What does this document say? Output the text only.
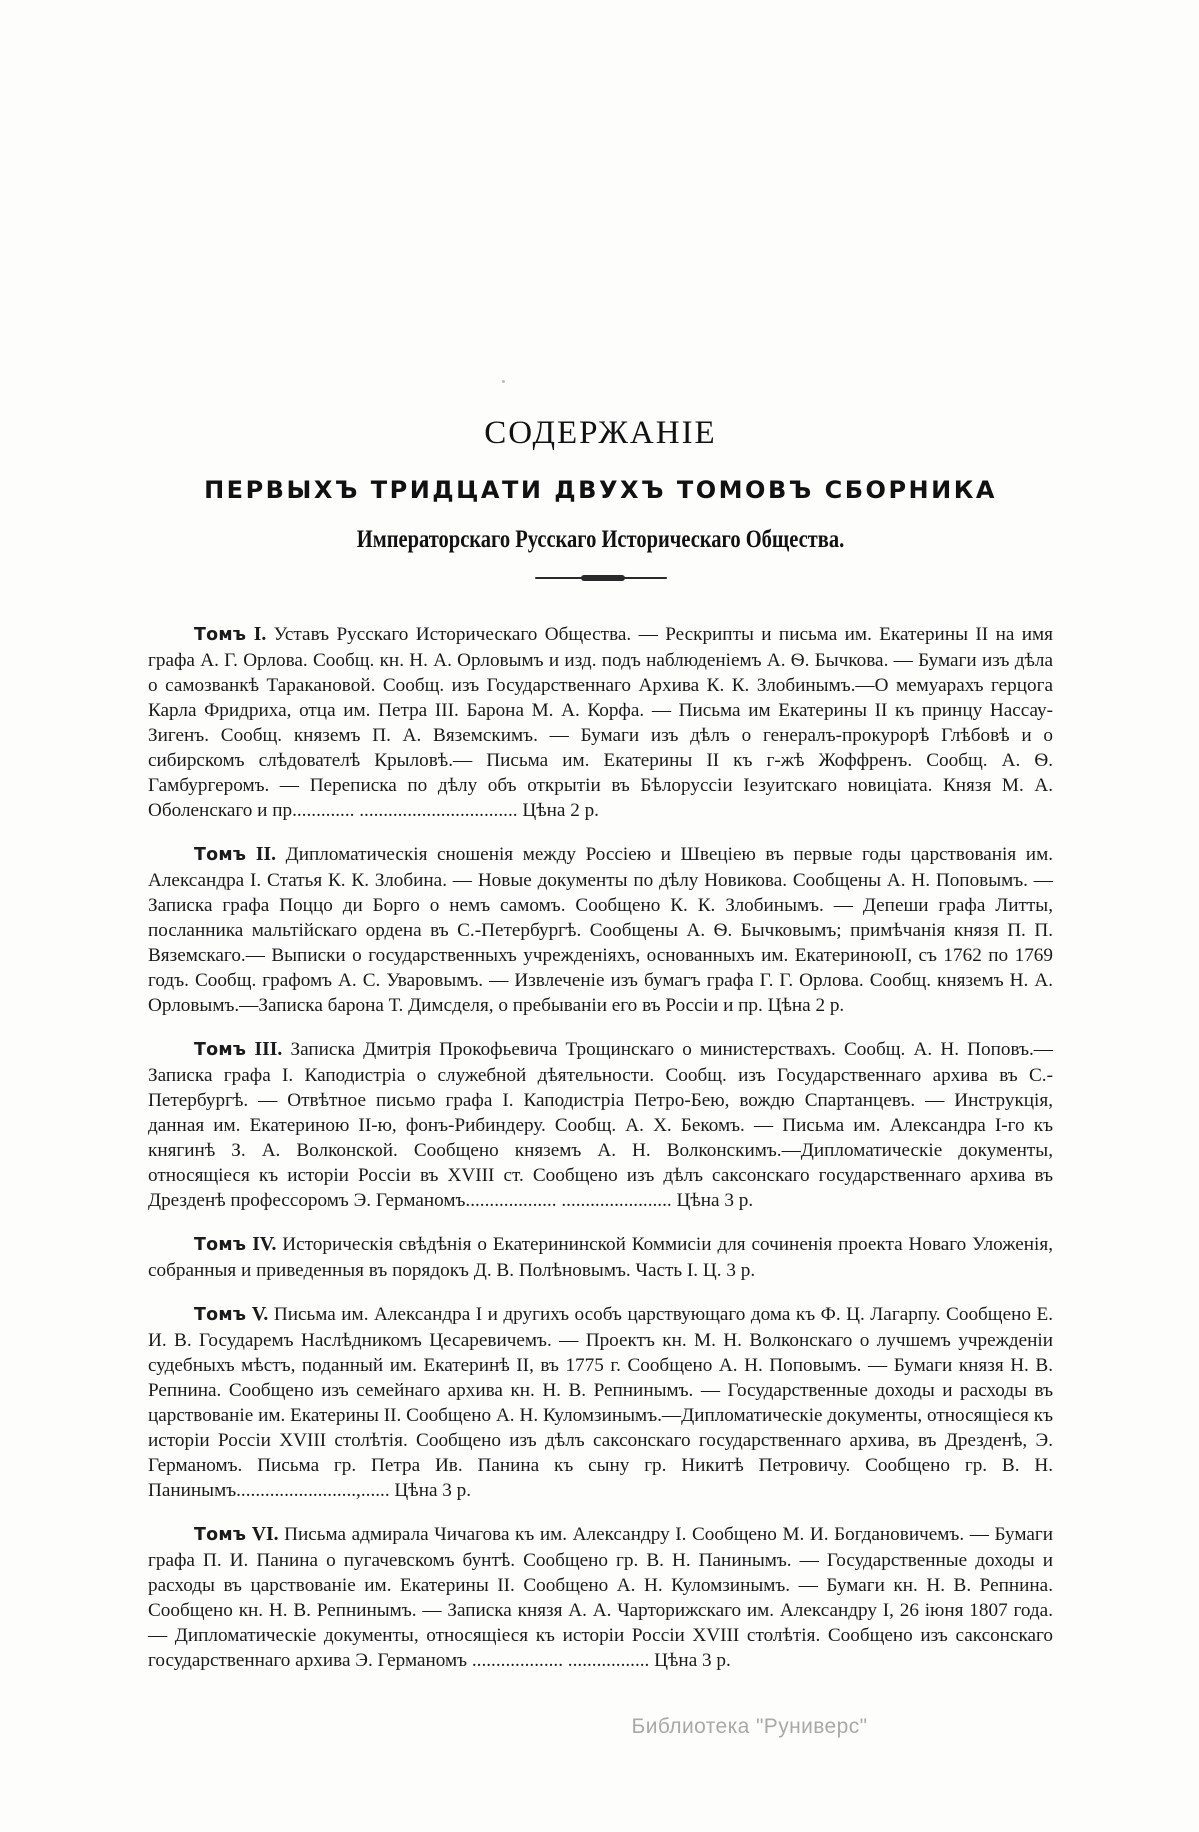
СОДЕРЖАНІЕ
ПЕРВЫХЪ ТРИДЦАТИ ДВУХЪ ТОМОВЪ СБОРНИКА
Императорскаго Русскаго Историческаго Общества.

Томъ I. Уставъ Русскаго Историческаго Общества. — Рескрипты и письма им. Екатерины II на имя графа А. Г. Орлова. Сообщ. кн. Н. А. Орловымъ и изд. подъ наблюденіемъ А. Ѳ. Бычкова. — Бумаги изъ дѣла о самозванкѣ Таракановой. Сообщ. изъ Государственнаго Архива К. К. Злобинымъ.—О мемуарахъ герцога Карла Фридриха, отца им. Петра III. Барона М. А. Корфа. — Письма им Екатерины II къ принцу Нассау-Зигенъ. Сообщ. княземъ П. А. Вяземскимъ. — Бумаги изъ дѣлъ о генералъ-прокурорѣ Глѣбовѣ и о сибирскомъ слѣдователѣ Крыловѣ.— Письма им. Екатерины II къ г-жѣ Жоффренъ. Сообщ. А. Ѳ. Гамбургеромъ. — Переписка по дѣлу объ открытіи въ Бѣлоруссіи Іезуитскаго новиціата. Князя М. А. Оболенскаго и пр............. ................................. Цѣна 2 р.

Томъ II. Дипломатическія сношенія между Россіею и Швеціею въ первые годы царствованія им. Александра I. Статья К. К. Злобина. — Новые документы по дѣлу Новикова. Сообщены А. Н. Поповымъ. — Записка графа Поццо ди Борго о немъ самомъ. Сообщено К. К. Злобинымъ. — Депеши графа Литты, посланника мальтійскаго ордена въ С.-Петербургѣ. Сообщены А. Ѳ. Бычковымъ; примѣчанія князя П. П. Вяземскаго.— Выписки о государственныхъ учрежденіяхъ, основанныхъ им. ЕкатериноюII, съ 1762 по 1769 годъ. Сообщ. графомъ А. С. Уваровымъ. — Извлеченіе изъ бумагъ графа Г. Г. Орлова. Сообщ. княземъ Н. А. Орловымъ.—Записка барона Т. Димсделя, о пребываніи его въ Россіи и пр. Цѣна 2 р.

Томъ III. Записка Дмитрія Прокофьевича Трощинскаго о министерствахъ. Сообщ. А. Н. Поповъ.—Записка графа І. Каподистріа о служебной дѣятельности. Сообщ. изъ Государственнаго архива въ С.-Петербургѣ. — Отвѣтное письмо графа І. Каподистріа Петро-Бею, вождю Спартанцевъ. — Инструкція, данная им. Екатериною II-ю, фонъ-Рибиндеру. Сообщ. А. Х. Бекомъ. — Письма им. Александра I-го къ княгинѣ З. А. Волконской. Сообщено княземъ А. Н. Волконскимъ.—Дипломатическіе документы, относящіеся къ исторіи Россіи въ XVIII ст. Сообщено изъ дѣлъ саксонскаго государственнаго архива въ Дрезденѣ профессоромъ Э. Германомъ................... ....................... Цѣна 3 р.

Томъ IV. Историческія свѣдѣнія о Екатерининской Коммисіи для сочиненія проекта Новаго Уложенія, собранныя и приведенныя въ порядокъ Д. В. Полѣновымъ. Часть I. Ц. 3 р.

Томъ V. Письма им. Александра I и другихъ особъ царствующаго дома къ Ф. Ц. Лагарпу. Сообщено Е. И. В. Государемъ Наслѣдникомъ Цесаревичемъ. — Проектъ кн. М. Н. Волконскаго о лучшемъ учрежденіи судебныхъ мѣстъ, поданный им. Екатеринѣ II, въ 1775 г. Сообщено А. Н. Поповымъ. — Бумаги князя Н. В. Репнина. Сообщено изъ семейнаго архива кн. Н. В. Репнинымъ. — Государственные доходы и расходы въ царствованіе им. Екатерины II. Сообщено А. Н. Куломзинымъ.—Дипломатическіе документы, относящіеся къ исторіи Россіи XVIII столѣтія. Сообщено изъ дѣлъ саксонскаго государственнаго архива, въ Дрезденѣ, Э. Германомъ. Письма гр. Петра Ив. Панина къ сыну гр. Никитѣ Петровичу. Сообщено гр. В. Н. Панинымъ.........................,...... Цѣна 3 р.

Томъ VI. Письма адмирала Чичагова къ им. Александру I. Сообщено М. И. Богдановичемъ. — Бумаги графа П. И. Панина о пугачевскомъ бунтѣ. Сообщено гр. В. Н. Панинымъ. — Государственные доходы и расходы въ царствованіе им. Екатерины II. Сообщено А. Н. Куломзинымъ. — Бумаги кн. Н. В. Репнина. Сообщено кн. Н. В. Репнинымъ. — Записка князя А. А. Чарторижскаго им. Александру I, 26 іюня 1807 года.— Дипломатическіе документы, относящіеся къ исторіи Россіи XVIII столѣтія. Сообщено изъ саксонскаго государственнаго архива Э. Германомъ ................... ................. Цѣна 3 р.

Библиотека "Руниверс"
